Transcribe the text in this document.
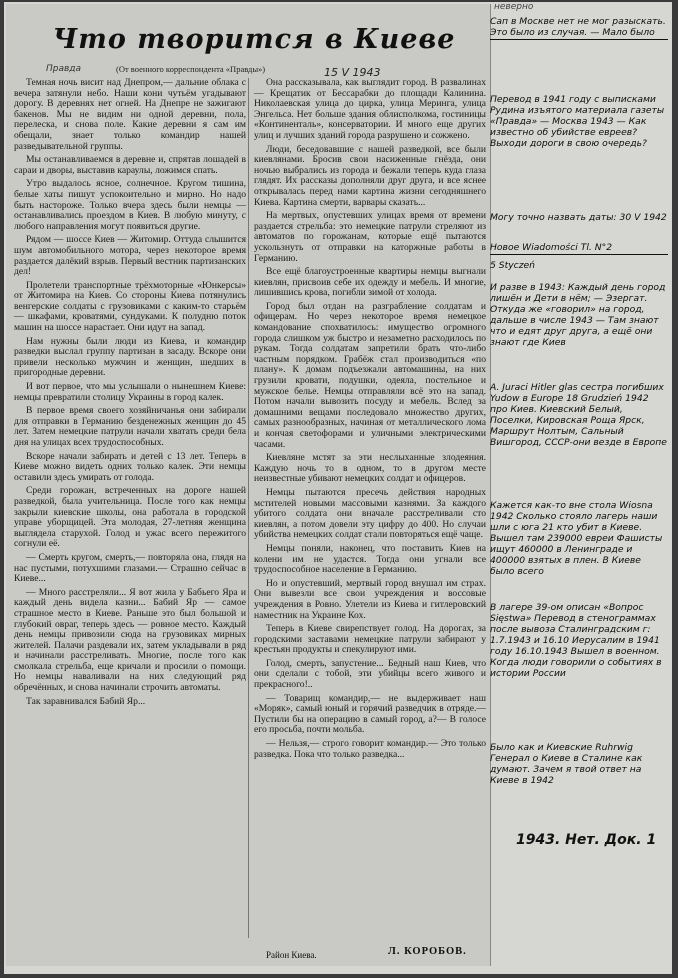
Что творится в Киеве
Правда	(От военного корреспондента «Правды»)	15 V 1943

Темная ночь висит над Днепром,— дальние облака с вечера затянули небо. Наши кони чутьём угадывают дорогу. В деревнях нет огней. На Днепре не зажигают бакенов. Мы не видим ни одной деревни, пола, перелеска, и снова поле. Какие деревни я сам им обещали, знает только командир нашей разведывательной группы.

Мы останавливаемся в деревне и, спрятав лошадей в сараи и дворы, выставив караулы, ложимся спать.

Утро выдалось ясное, солнечное. Кругом тишина, белые хаты пишут успокоительно и мирно. Но надо быть настороже. Только вчера здесь были немцы — останавливались проездом в Киев. В любую минуту, с любого направления могут появиться другие.

Рядом — шоссе Киев — Житомир. Оттуда слышится шум автомобильного мотора, через некоторое время раздается далёкий взрыв. Первый вестник партизанских дел!

Пролетели транспортные трёхмоторные «Юнкерсы» от Житомира на Киев. Со стороны Киева потянулись венгерские солдаты с грузовиками с каким-то старьём — шкафами, кроватями, сундуками. К полудню поток машин на шоссе нарастает. Они идут на запад.

Нам нужны были люди из Киева, и командир разведки выслал группу партизан в засаду. Вскоре они привели несколько мужчин и женщин, шедших в пригородные деревни.

И вот первое, что мы услышали о нынешнем Киеве: немцы превратили столицу Украины в город калек.

В первое время своего хозяйничанья они забирали для отправки в Германию безденежных женщин до 45 лет. Затем немецкие патрули начали хватать среди бела дня на улицах всех трудоспособных.

Вскоре начали забирать и детей с 13 лет. Теперь в Киеве можно видеть одних только калек. Эти немцы оставили здесь умирать от голода.

Среди горожан, встреченных на дороге нашей разведкой, была учительница. После того как немцы закрыли киевские школы, она работала в городской управе уборщицей. Эта молодая, 27-летняя женщина выглядела старухой. Голод и ужас всего пережитого согнули её.

— Смерть кругом, смерть,— повторяла она, глядя на нас пустыми, потухшими глазами.— Страшно сейчас в Киеве...

— Много расстреляли... Я вот жила у Бабьего Яра и каждый день видела казни... Бабий Яр — самое страшное место в Киеве. Раньше это был большой и глубокий овраг, теперь здесь — ровное место. Каждый день немцы привозили сюда на грузовиках мирных жителей. Палачи раздевали их, затем укладывали в ряд и начинали расстреливать. Многие, после того как смолкала стрельба, еще кричали и просили о помощи. Но немцы наваливали на них следующий ряд обречённых, и снова начинали строчить автоматы.

Так заравнивался Бабий Яр...

Она рассказывала, как выглядит город. В развалинах — Крещатик от Бессарабки до площади Калинина. Николаевская улица до цирка, улица Меринга, улица Энгельса. Нет больше здания облисполкома, гостиницы «Континенталь», консерватории. И много еще других улиц и лучших зданий города разрушено и сожжено.

Люди, беседовавшие с нашей разведкой, все были киевлянами. Бросив свои насиженные гнёзда, они ночью выбрались из города и бежали теперь куда глаза глядят. Их рассказы дополняли друг друга, и все яснее открывалась перед нами картина жизни сегодняшнего Киева. Картина смерти, варвары сказать...

На мертвых, опустевших улицах время от времени раздается стрельба: это немецкие патрули стреляют из автоматов по горожанам, которые ещё пытаются ускользнуть от отправки на каторжные работы в Германию.

Все ещё благоустроенные квартиры немцы выгнали киевлян, присвоив себе их одежду и мебель. И многие, лишившись крова, погибли зимой от холода.

Город был отдан на разграбление солдатам и офицерам. Но через некоторое время немецкое командование спохватилось: имущество огромного города слишком уж быстро и незаметно расходилось по рукам. Тогда солдатам запретили брать что-либо частным порядком. Грабёж стал производиться «по плану». К домам подъезжали автомашины, на них грузили кровати, подушки, одеяла, постельное и мужское белье. Немцы отправляли всё это на запад. Потом начали вывозить посуду и мебель. Вслед за домашними вещами последовало множество других, самых разнообразных, начиная от металлического лома и кончая светофорами и уличными электрическими часами.

Киевляне мстят за эти неслыханные злодеяния. Каждую ночь то в одном, то в другом месте неизвестные убивают немецких солдат и офицеров.

Немцы пытаются пресечь действия народных мстителей новыми массовыми казнями. За каждого убитого солдата они вначале расстреливали сто киевлян, а потом довели эту цифру до 400. Но случаи убийства немецких солдат стали повторяться ещё чаще.

Немцы поняли, наконец, что поставить Киев на колени им не удастся. Тогда они угнали все трудоспособное население в Германию.

Но и опустевший, мертвый город внушал им страх. Они вывезли все свои учреждения и воссовые учреждения в Ровно. Улетели из Киева и гитлеровский наместник на Украине Кох.

Теперь в Киеве свирепствует голод. На дорогах, за городскими заставами немецкие патрули забирают у крестьян продукты и спекулируют ими.

Голод, смерть, запустение... Бедный наш Киев, что они сделали с тобой, эти убийцы всего живого и прекрасного!..

— Товарищ командир,— не выдерживает наш «Моряк», самый юный и горячий разведчик в отряде.— Пустили бы на операцию в самый город, а?— В голосе его просьба, почти мольба.

— Нельзя,— строго говорит командир.— Это только разведка. Пока что только разведка...

Район Киева.	Л. КОРОБОВ.
неверно
Сап в Москве нет не мог разыскать. Это было из случая. — Мало было
Перевод в 1941 году с выписками Рудина изъятого материала газеты «Правда» — Москва 1943 — Как известно об убийстве евреев? Выходи дороги в свою очередь?
Могу точно назвать даты: 30 V 1942
Новое Wiadomości Tl. N°2
5 Styczeń
И разве в 1943: Каждый день город лишён и Дети в нём; — Эзергат. Откуда же «говорил» на город, дальше в числе 1943 — Там знают что и едят друг друга, а ещё они знают где Киев
A. Juraci Hitler glas сестра погибших Yudow в Europe 18 Grudzień 1942 про Киев. Киевский Белый, Поселки, Кировская Роща Ярск, Маршрут Нолтым, Сальный Вишгород, СССР-они везде в Европе
Кажется как-то вне стола Wiosna 1942 Сколько стояло лагерь наши шли с юга 21 кто убит в Киеве. Вышел там 239000 евреи Фашисты ищут 460000 в Ленинграде и 400000 взятых в плен. В Киеве было всего
В лагере 39-ом описан «Вопрос Sięstwa» Перевод в стенограммах после вывоза Сталинградским г: 1.7.1943 и 16.10 Иерусалим в 1941 году 16.10.1943 Вышел в военном. Когда люди говорили о событиях в истории России
Было как и Киевские Ruhrwig Генерал о Киеве в Сталине как думают. Зачем я твой ответ на Киеве в 1942
1943. Нет. Док. 1
